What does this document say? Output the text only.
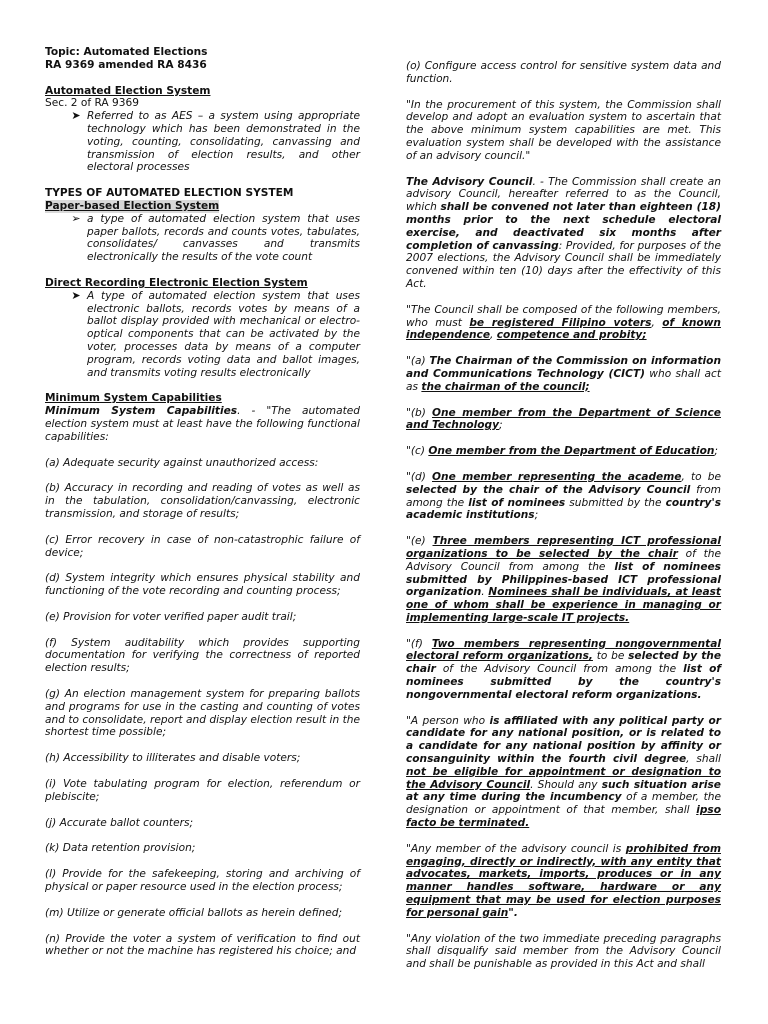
Topic: Automated Elections

RA 9369 amended RA 8436

Automated Election System

Sec. 2 of RA 9369

➤ Referred to as AES – a system using appropriate technology which has been demonstrated in the voting, counting, consolidating, canvassing and transmission of election results, and other electoral processes

TYPES OF AUTOMATED ELECTION SYSTEM

Paper-based Election System

➢ a type of automated election system that uses paper ballots, records and counts votes, tabulates, consolidates/ canvasses and transmits electronically the results of the vote count

Direct Recording Electronic Election System

➤ A type of automated election system that uses electronic ballots, records votes by means of a ballot display provided with mechanical or electro-optical components that can be activated by the voter, processes data by means of a computer program, records voting data and ballot images, and transmits voting results electronically

Minimum System Capabilities

Minimum System Capabilities. - "The automated election system must at least have the following functional capabilities:

(a) Adequate security against unauthorized access:

(b) Accuracy in recording and reading of votes as well as in the tabulation, consolidation/canvassing, electronic transmission, and storage of results;

(c) Error recovery in case of non-catastrophic failure of device;

(d) System integrity which ensures physical stability and functioning of the vote recording and counting process;

(e) Provision for voter verified paper audit trail;

(f) System auditability which provides supporting documentation for verifying the correctness of reported election results;

(g) An election management system for preparing ballots and programs for use in the casting and counting of votes and to consolidate, report and display election result in the shortest time possible;

(h) Accessibility to illiterates and disable voters;

(i) Vote tabulating program for election, referendum or plebiscite;

(j) Accurate ballot counters;

(k) Data retention provision;

(l) Provide for the safekeeping, storing and archiving of physical or paper resource used in the election process;

(m) Utilize or generate official ballots as herein defined;

(n) Provide the voter a system of verification to find out whether or not the machine has registered his choice; and

(o) Configure access control for sensitive system data and function.

"In the procurement of this system, the Commission shall develop and adopt an evaluation system to ascertain that the above minimum system capabilities are met. This evaluation system shall be developed with the assistance of an advisory council."

The Advisory Council. - The Commission shall create an advisory Council, hereafter referred to as the Council, which shall be convened not later than eighteen (18) months prior to the next schedule electoral exercise, and deactivated six months after completion of canvassing: Provided, for purposes of the 2007 elections, the Advisory Council shall be immediately convened within ten (10) days after the effectivity of this Act.

"The Council shall be composed of the following members, who must be registered Filipino voters, of known independence, competence and probity;

"(a) The Chairman of the Commission on information and Communications Technology (CICT) who shall act as the chairman of the council;

"(b) One member from the Department of Science and Technology;

"(c) One member from the Department of Education;

"(d) One member representing the academe, to be selected by the chair of the Advisory Council from among the list of nominees submitted by the country's academic institutions;

"(e) Three members representing ICT professional organizations to be selected by the chair of the Advisory Council from among the list of nominees submitted by Philippines-based ICT professional organization. Nominees shall be individuals, at least one of whom shall be experience in managing or implementing large-scale IT projects.

"(f) Two members representing nongovernmental electoral reform organizations, to be selected by the chair of the Advisory Council from among the list of nominees submitted by the country's nongovernmental electoral reform organizations.

"A person who is affiliated with any political party or candidate for any national position, or is related to a candidate for any national position by affinity or consanguinity within the fourth civil degree, shall not be eligible for appointment or designation to the Advisory Council. Should any such situation arise at any time during the incumbency of a member, the designation or appointment of that member, shall ipso facto be terminated.

"Any member of the advisory council is prohibited from engaging, directly or indirectly, with any entity that advocates, markets, imports, produces or in any manner handles software, hardware or any equipment that may be used for election purposes for personal gain".

"Any violation of the two immediate preceding paragraphs shall disqualify said member from the Advisory Council and shall be punishable as provided in this Act and shall
